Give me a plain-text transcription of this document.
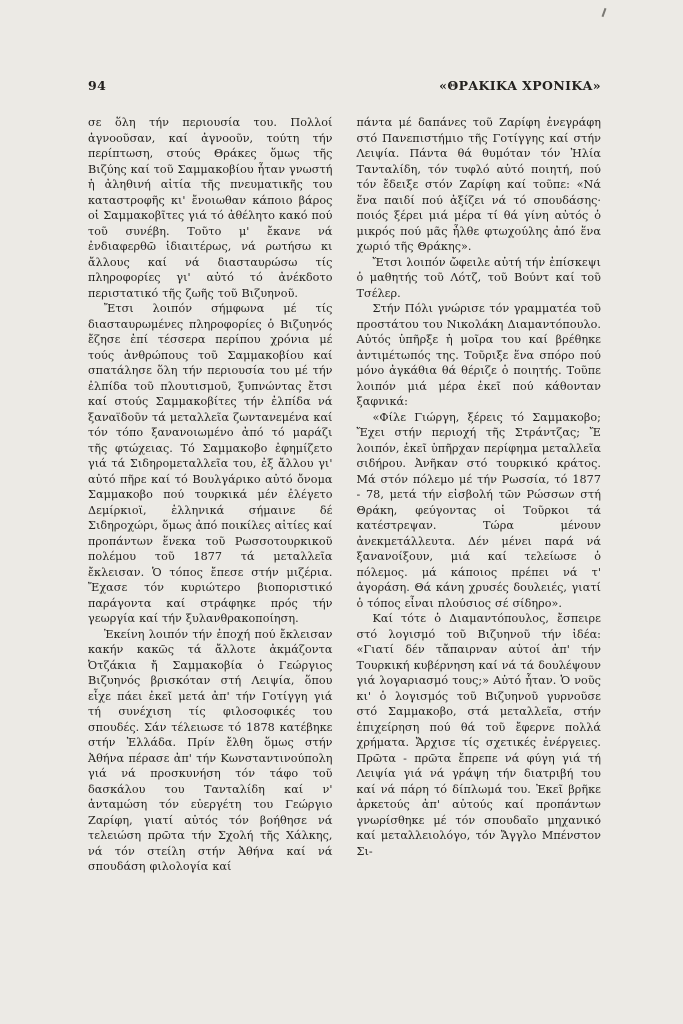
94	«ΘΡΑΚΙΚΑ ΧΡΟΝΙΚΑ»

σε ὅλη τήν περιουσία του. Πολλοί ἀγνοοῦσαν, καί ἀγνοοῦν, τούτη τήν περίπτωση, στούς Θράκες ὅμως τῆς Βιζύης καί τοῦ Σαμμακοβίου ἦταν γνωστή ἡ ἀληθινή αἰτία τῆς πνευματικῆς του καταστροφῆς κι' ἔνοιωθαν κάποιο βάρος οἱ Σαμμακοβῖτες γιά τό ἀθέλητο κακό πού τοῦ συνέβη. Τοῦτο μ' ἔκανε νά ἐνδιαφερθῶ ἰδιαιτέρως, νά ρωτήσω κι ἄλλους καί νά διασταυρώσω τίς πληροφορίες γι' αὐτό τό ἀνέκδοτο περιστατικό τῆς ζωῆς τοῦ Βιζυηνοῦ.

Ἔτσι λοιπόν σήμφωνα μέ τίς διασταυρωμένες πληροφορίες ὁ Βιζυηνός ἔζησε ἐπί τέσσερα περίπου χρόνια μέ τούς ἀνθρώπους τοῦ Σαμμακοβίου καί σπατάλησε ὅλη τήν περιουσία του μέ τήν ἐλπίδα τοῦ πλουτισμοῦ, ξυπνώντας ἔτσι καί στούς Σαμμακοβίτες τήν ἐλπίδα νά ξαναϊδοῦν τά μεταλλεῖα ζωντανεμένα καί τόν τόπο ξανανοιωμένο ἀπό τό μαράζι τῆς φτώχειας. Τό Σαμμακοβο ἐφημίζετο γιά τά Σιδηρομεταλλεῖα του, ἐξ ἄλλου γι' αὐτό πῆρε καί τό Βουλγάρικο αὐτό ὄνομα Σαμμακοβο πού τουρκικά μέν ἐλέγετο Δεμίρκιοϊ, ἑλληνικά σήμαινε δέ Σιδηροχώρι, ὅμως ἀπό ποικίλες αἰτίες καί προπάντων ἕνεκα τοῦ Ρωσσοτουρκικοῦ πολέμου τοῦ 1877 τά μεταλλεῖα ἔκλεισαν. Ὁ τόπος ἔπεσε στήν μιζέρια. Ἔχασε τόν κυριώτερο βιοποριστικό παράγοντα καί στράφηκε πρός τήν γεωργία καί τήν ξυλανθρακοποίηση.

Ἐκείνη λοιπόν τήν ἐποχή πού ἔκλεισαν κακήν κακῶς τά ἄλλοτε ἀκμάζοντα Ὀτζάκια ἤ Σαμμακοβία ὁ Γεώργιος Βιζυηνός βρισκόταν στή Λειψία, ὅπου εἶχε πάει ἐκεῖ μετά ἀπ' τήν Γοτίγγη γιά τή συνέχιση τίς φιλοσοφικές του σπουδές. Σάν τέλειωσε τό 1878 κατέβηκε στήν Ἑλλάδα. Πρίν ἔλθη ὅμως στήν Ἀθήνα πέρασε ἀπ' τήν Κωνσταντινούπολη γιά νά προσκυνήση τόν τάφο τοῦ δασκάλου του Τανταλίδη καί ν' ἀνταμώση τόν εὐεργέτη του Γεώργιο Ζαρίφη, γιατί αὐτός τόν βοήθησε νά τελειώση πρῶτα τήν Σχολή τῆς Χάλκης, νά τόν στείλη στήν Ἀθήνα καί νά σπουδάση φιλολογία καί

πάντα μέ δαπάνες τοῦ Ζαρίφη ἐνεγράφη στό Πανεπιστήμιο τῆς Γοτίγγης καί στήν Λειψία. Πάντα θά θυμόταν τόν Ἠλία Τανταλίδη, τόν τυφλό αὐτό ποιητή, πού τόν ἔδειξε στόν Ζαρίφη καί τοῦπε: «Νά ἕνα παιδί πού ἀξίζει νά τό σπουδάσης· ποιός ξέρει μιά μέρα τί θά γίνη αὐτός ὁ μικρός πού μᾶς ἦλθε φτωχούλης ἀπό ἕνα χωριό τῆς Θράκης».

Ἔτσι λοιπόν ὤφειλε αὐτή τήν ἐπίσκεψι ὁ μαθητής τοῦ Λότζ, τοῦ Βούντ καί τοῦ Τσέλερ.

Στήν Πόλι γνώρισε τόν γραμματέα τοῦ προστάτου του Νικολάκη Διαμαντόπουλο. Αὐτός ὑπῆρξε ἡ μοῖρα του καί βρέθηκε ἀντιμέτωπός της. Τοῦριξε ἕνα σπόρο πού μόνο ἀγκάθια θά θέριζε ὁ ποιητής. Τοῦπε λοιπόν μιά μέρα ἐκεῖ πού κάθονταν ξαφνικά:

«Φίλε Γιώργη, ξέρεις τό Σαμμακοβο; Ἔχει στήν περιοχή τῆς Στράντζας; Ἔ λοιπόν, ἐκεῖ ὑπῆρχαν περίφημα μεταλλεῖα σιδήρου. Ἀνῆκαν στό τουρκικό κράτος. Μά στόν πόλεμο μέ τήν Ρωσσία, τό 1877 - 78, μετά τήν εἰσβολή τῶν Ρώσσων στή Θράκη, φεύγοντας οἱ Τοῦρκοι τά κατέστρεψαν. Τώρα μένουν ἀνεκμετάλλευτα. Δέν μένει παρά νά ξανανοίξουν, μιά καί τελείωσε ὁ πόλεμος. μά κάποιος πρέπει νά τ' ἀγοράση. Θά κάνη χρυσές δουλειές, γιατί ὁ τόπος εἶναι πλούσιος σέ σίδηρο».

Καί τότε ὁ Διαμαντόπουλος, ἔσπειρε στό λογισμό τοῦ Βιζυηνοῦ τήν ἰδέα: «Γιατί δέν τἄπαιρναν αὐτοί ἀπ' τήν Τουρκική κυβέρνηση καί νά τά δουλέψουν γιά λογαριασμό τους;» Αὐτό ἦταν. Ὁ νοῦς κι' ὁ λογισμός τοῦ Βιζυηνοῦ γυρνοῦσε στό Σαμμακοβο, στά μεταλλεῖα, στήν ἐπιχείρηση πού θά τοῦ ἔφερνε πολλά χρήματα. Ἄρχισε τίς σχετικές ἐνέργειες. Πρῶτα - πρῶτα ἔπρεπε νά φύγη γιά τή Λειψία γιά νά γράψη τήν διατριβή του καί νά πάρη τό δίπλωμά του. Ἐκεῖ βρῆκε ἀρκετούς ἀπ' αὐτούς καί προπάντων γνωρίσθηκε μέ τόν σπουδαῖο μηχανικό καί μεταλλειολόγο, τόν Ἄγγλο Μπένστον Σι-
